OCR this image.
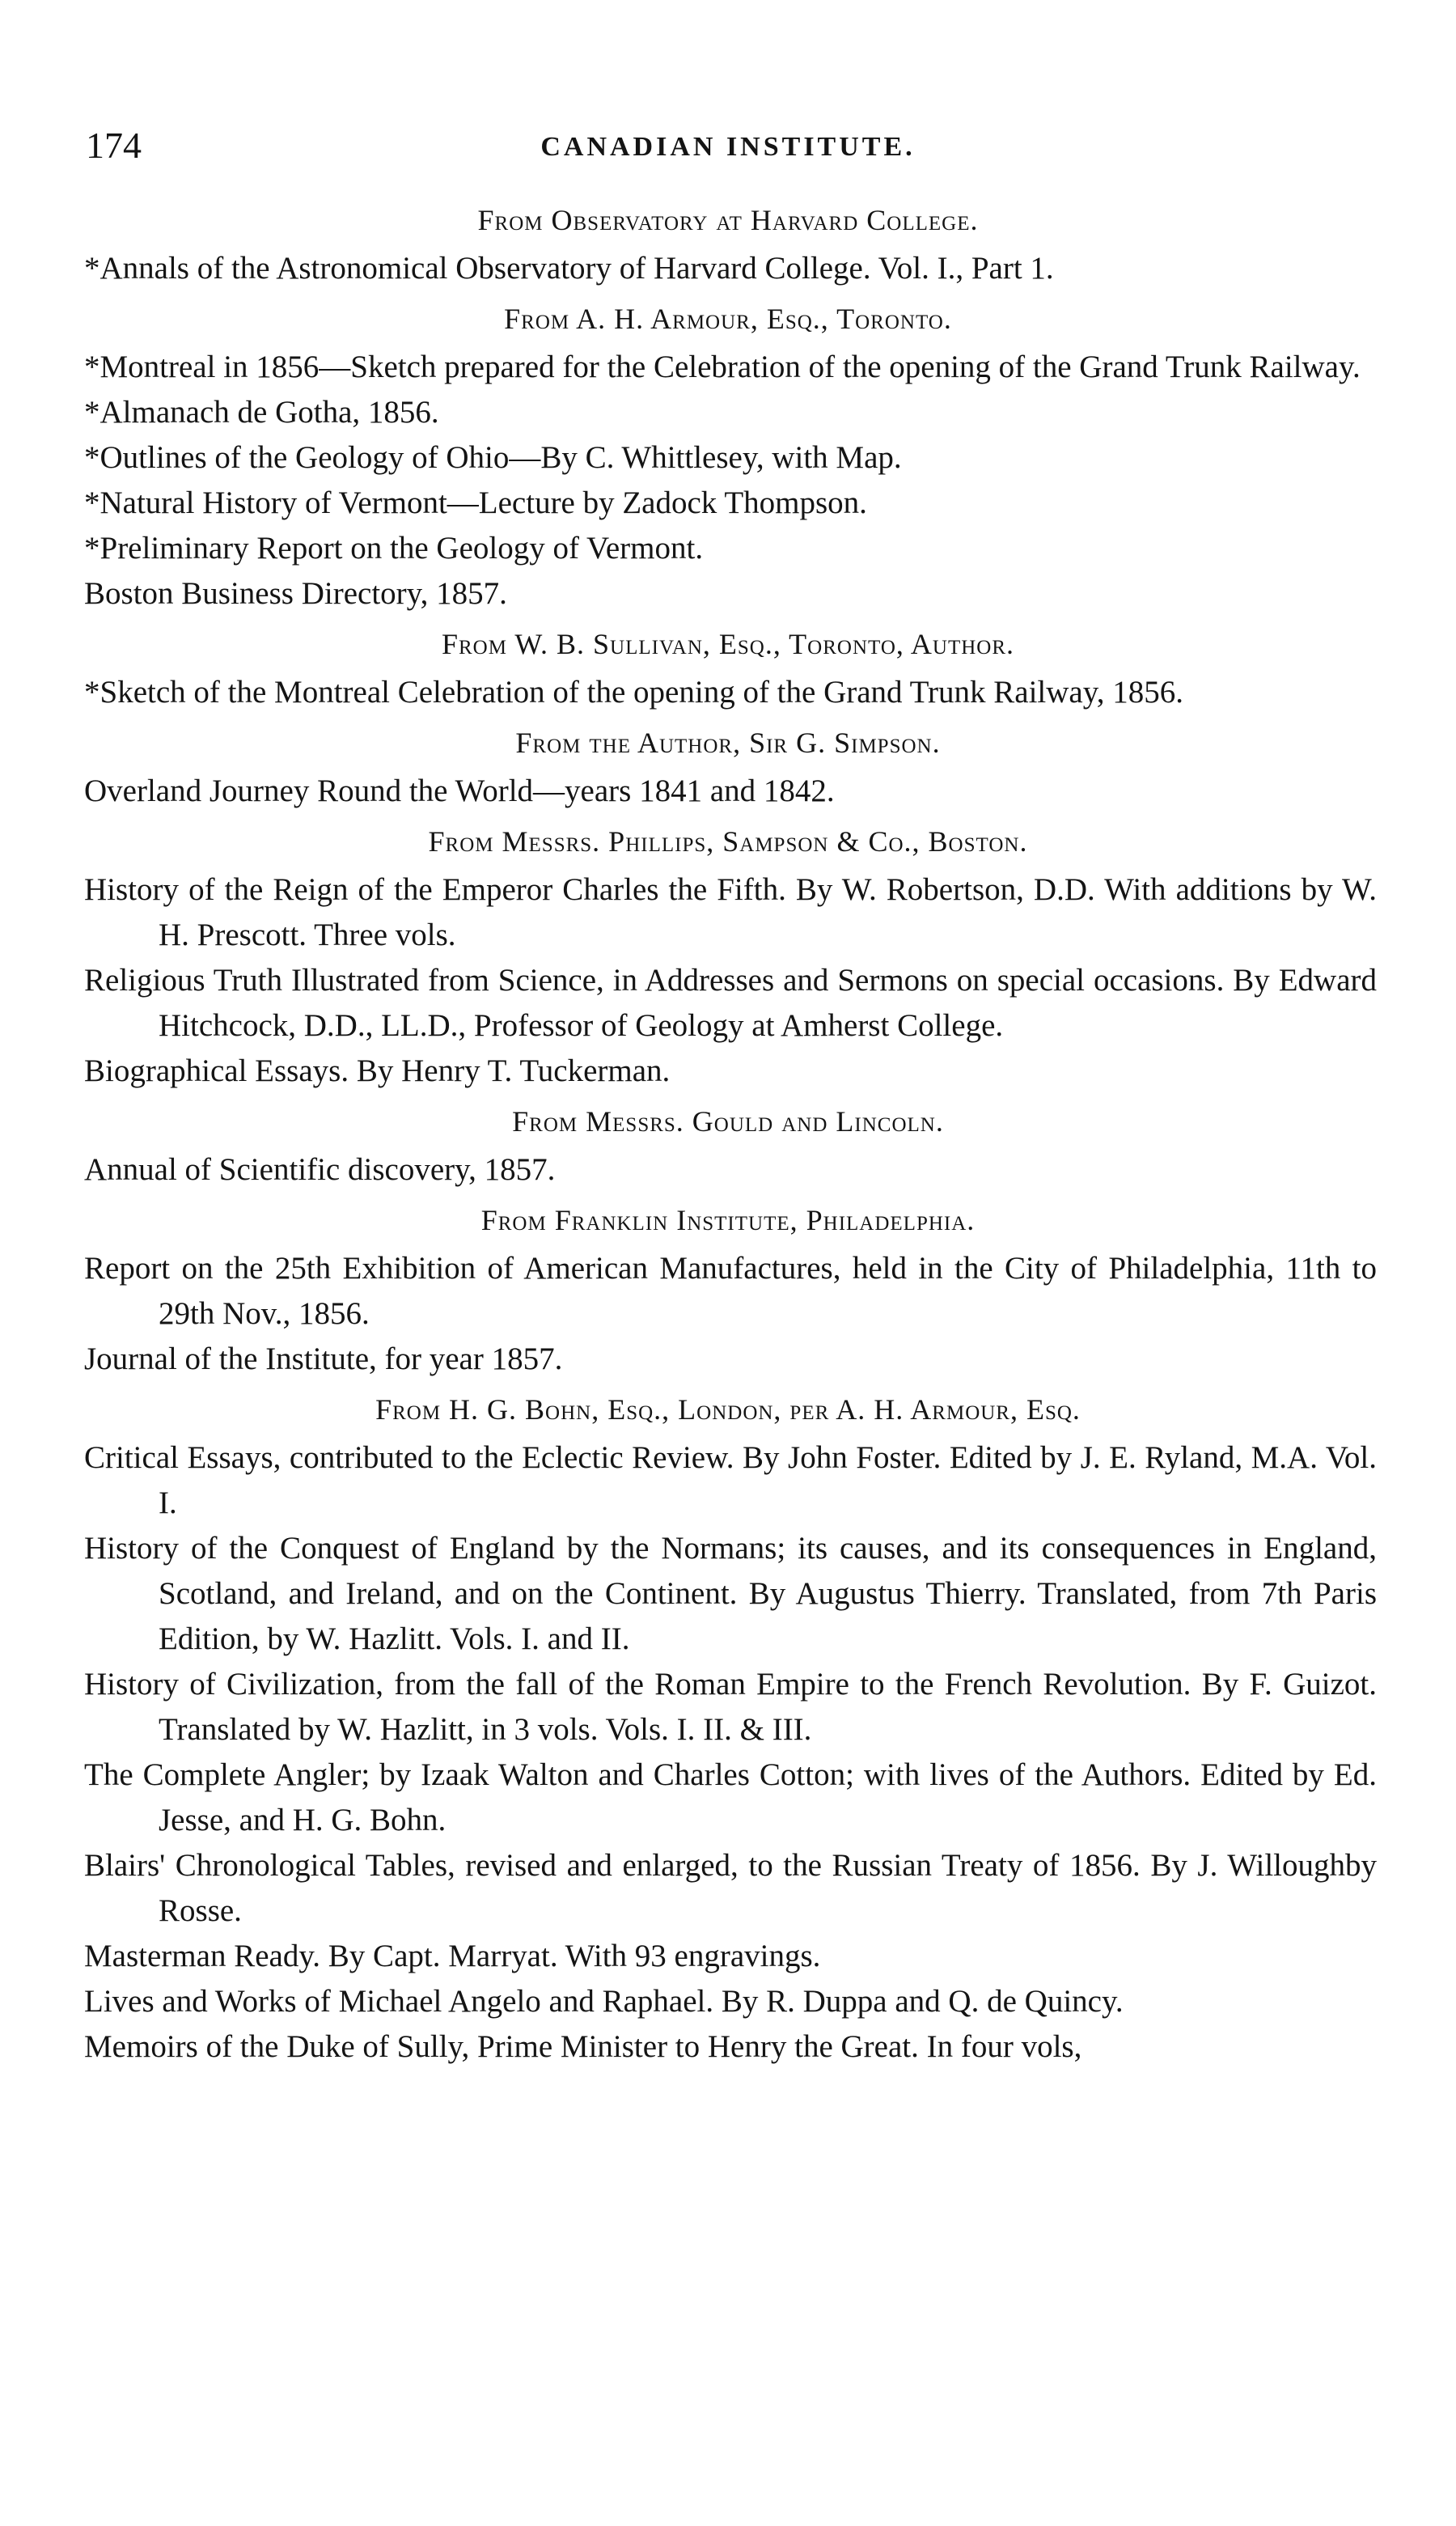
174	CANADIAN INSTITUTE.
From Observatory at Harvard College.
*Annals of the Astronomical Observatory of Harvard College. Vol. I., Part 1.
From A. H. Armour, Esq., Toronto.
*Montreal in 1856—Sketch prepared for the Celebration of the opening of the Grand Trunk Railway.
*Almanach de Gotha, 1856.
*Outlines of the Geology of Ohio—By C. Whittlesey, with Map.
*Natural History of Vermont—Lecture by Zadock Thompson.
*Preliminary Report on the Geology of Vermont.
Boston Business Directory, 1857.
From W. B. Sullivan, Esq., Toronto, Author.
*Sketch of the Montreal Celebration of the opening of the Grand Trunk Railway, 1856.
From the Author, Sir G. Simpson.
Overland Journey Round the World—years 1841 and 1842.
From Messrs. Phillips, Sampson & Co., Boston.
History of the Reign of the Emperor Charles the Fifth. By W. Robertson, D.D. With additions by W. H. Prescott. Three vols.
Religious Truth Illustrated from Science, in Addresses and Sermons on special occasions. By Edward Hitchcock, D.D., LL.D., Professor of Geology at Amherst College.
Biographical Essays. By Henry T. Tuckerman.
From Messrs. Gould and Lincoln.
Annual of Scientific discovery, 1857.
From Franklin Institute, Philadelphia.
Report on the 25th Exhibition of American Manufactures, held in the City of Philadelphia, 11th to 29th Nov., 1856.
Journal of the Institute, for year 1857.
From H. G. Bohn, Esq., London, per A. H. Armour, Esq.
Critical Essays, contributed to the Eclectic Review. By John Foster. Edited by J. E. Ryland, M.A. Vol. I.
History of the Conquest of England by the Normans; its causes, and its consequences in England, Scotland, and Ireland, and on the Continent. By Augustus Thierry. Translated, from 7th Paris Edition, by W. Hazlitt. Vols. I. and II.
History of Civilization, from the fall of the Roman Empire to the French Revolution. By F. Guizot. Translated by W. Hazlitt, in 3 vols. Vols. I. II. & III.
The Complete Angler; by Izaak Walton and Charles Cotton; with lives of the Authors. Edited by Ed. Jesse, and H. G. Bohn.
Blairs' Chronological Tables, revised and enlarged, to the Russian Treaty of 1856. By J. Willoughby Rosse.
Masterman Ready. By Capt. Marryat. With 93 engravings.
Lives and Works of Michael Angelo and Raphael. By R. Duppa and Q. de Quincy.
Memoirs of the Duke of Sully, Prime Minister to Henry the Great. In four vols,
